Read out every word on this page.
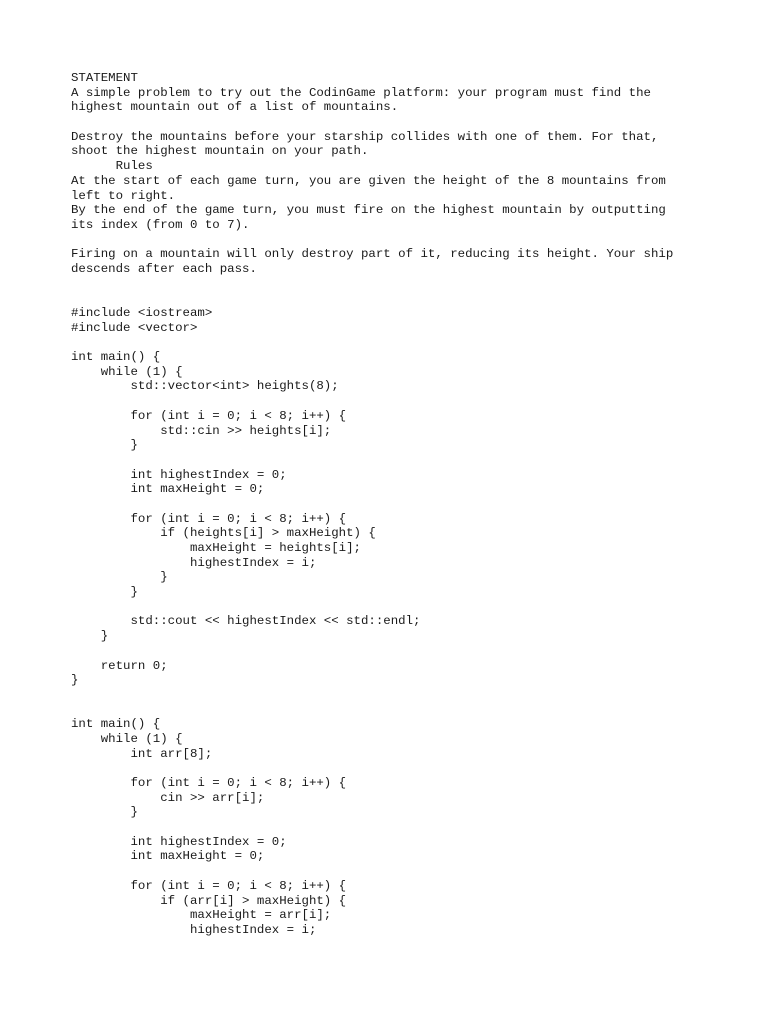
STATEMENT
A simple problem to try out the CodinGame platform: your program must find the
highest mountain out of a list of mountains.
Destroy the mountains before your starship collides with one of them. For that,
shoot the highest mountain on your path.
Rules
At the start of each game turn, you are given the height of the 8 mountains from
left to right.
By the end of the game turn, you must fire on the highest mountain by outputting
its index (from 0 to 7).
Firing on a mountain will only destroy part of it, reducing its height. Your ship
descends after each pass.
#include <iostream>
#include <vector>
int main() {
while (1) {
std::vector<int> heights(8);
for (int i = 0; i < 8; i++) {
std::cin >> heights[i];
}
int highestIndex = 0;
int maxHeight = 0;
for (int i = 0; i < 8; i++) {
if (heights[i] > maxHeight) {
maxHeight = heights[i];
highestIndex = i;
}
}
std::cout << highestIndex << std::endl;
}
return 0;
}
int main() {
while (1) {
int arr[8];
for (int i = 0; i < 8; i++) {
cin >> arr[i];
}
int highestIndex = 0;
int maxHeight = 0;
for (int i = 0; i < 8; i++) {
if (arr[i] > maxHeight) {
maxHeight = arr[i];
highestIndex = i;
